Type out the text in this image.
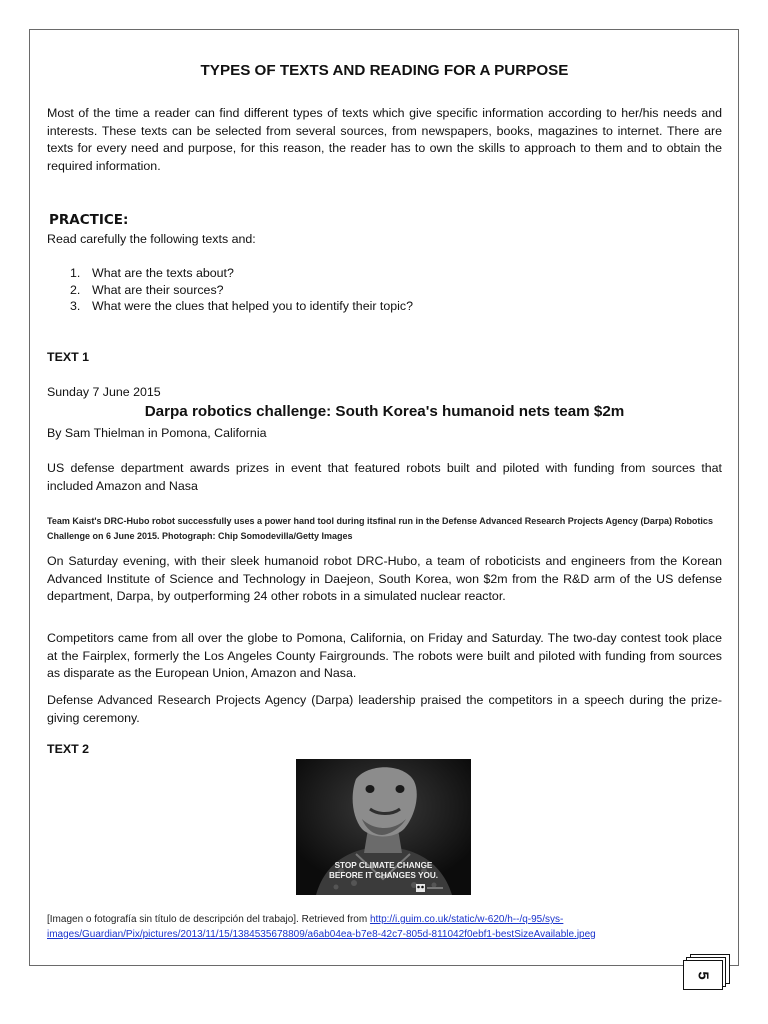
TYPES OF TEXTS AND READING FOR A PURPOSE
Most of the time a reader can find different types of texts which give specific information according to her/his needs and interests. These texts can be selected from several sources, from newspapers, books, magazines to internet. There are texts for every need and purpose, for this reason, the reader has to own the skills to approach to them and to obtain the required information.
PRACTICE:
Read carefully the following texts and:
1. What are the texts about?
2. What are their sources?
3. What were the clues that helped you to identify their topic?
TEXT 1
Sunday 7 June 2015
Darpa robotics challenge: South Korea's humanoid nets team $2m
By Sam Thielman in Pomona, California
US defense department awards prizes in event that featured robots built and piloted with funding from sources that included Amazon and Nasa
Team Kaist's DRC-Hubo robot successfully uses a power hand tool during itsfinal run in the Defense Advanced Research Projects Agency (Darpa) Robotics Challenge on 6 June 2015. Photograph: Chip Somodevilla/Getty Images
On Saturday evening, with their sleek humanoid robot DRC-Hubo, a team of roboticists and engineers from the Korean Advanced Institute of Science and Technology in Daejeon, South Korea, won $2m from the R&D arm of the US defense department, Darpa, by outperforming 24 other robots in a simulated nuclear reactor.
Competitors came from all over the globe to Pomona, California, on Friday and Saturday. The two-day contest took place at the Fairplex, formerly the Los Angeles County Fairgrounds. The robots were built and piloted with funding from sources as disparate as the European Union, Amazon and Nasa.
Defense Advanced Research Projects Agency (Darpa) leadership praised the competitors in a speech during the prize-giving ceremony.
TEXT 2
STOP CLIMATE CHANGE
BEFORE IT CHANGES YOU.
[Imagen o fotografía sin título de descripción del trabajo]. Retrieved from http://i.guim.co.uk/static/w-620/h--/q-95/sys-images/Guardian/Pix/pictures/2013/11/15/1384535678809/a6ab04ea-b7e8-42c7-805d-811042f0ebf1-bestSizeAvailable.jpeg
5
